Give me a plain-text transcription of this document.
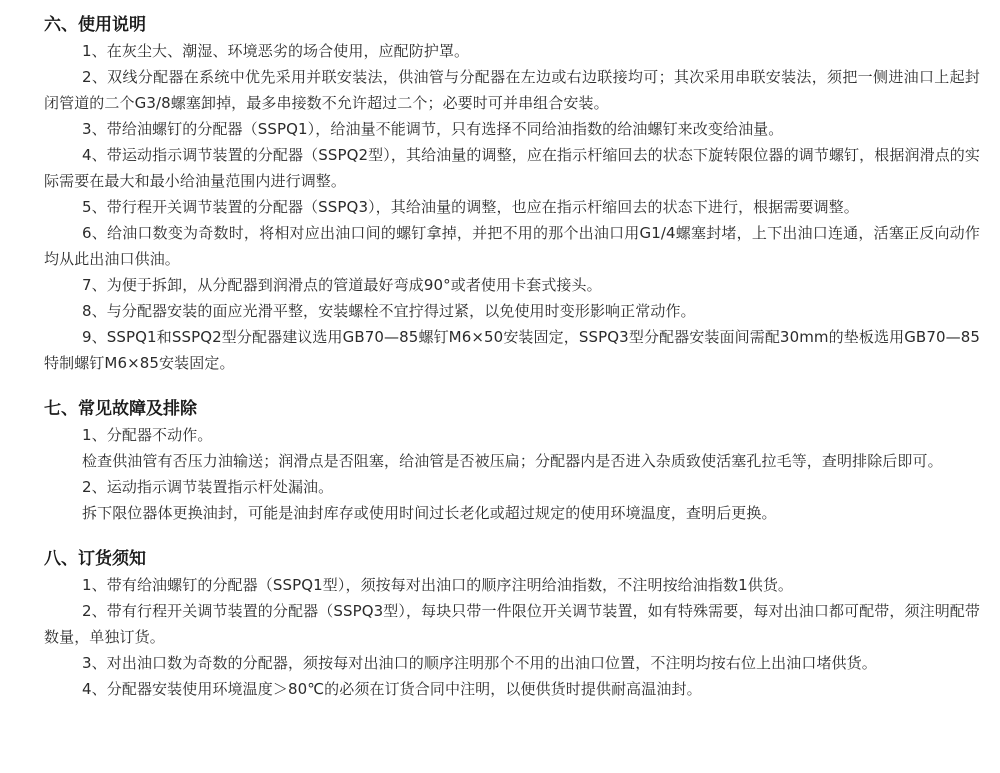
六、使用说明

1、在灰尘大、潮湿、环境恶劣的场合使用，应配防护罩。

2、双线分配器在系统中优先采用并联安装法，供油管与分配器在左边或右边联接均可；其次采用串联安装法，须把一侧进油口上起封闭管道的二个G3/8螺塞卸掉，最多串接数不允许超过二个；必要时可并串组合安装。

3、带给油螺钉的分配器（SSPQ1），给油量不能调节，只有选择不同给油指数的给油螺钉来改变给油量。

4、带运动指示调节装置的分配器（SSPQ2型），其给油量的调整，应在指示杆缩回去的状态下旋转限位器的调节螺钉，根据润滑点的实际需要在最大和最小给油量范围内进行调整。

5、带行程开关调节装置的分配器（SSPQ3），其给油量的调整，也应在指示杆缩回去的状态下进行，根据需要调整。

6、给油口数变为奇数时，将相对应出油口间的螺钉拿掉，并把不用的那个出油口用G1/4螺塞封堵，上下出油口连通，活塞正反向动作均从此出油口供油。

7、为便于拆卸，从分配器到润滑点的管道最好弯成90°或者使用卡套式接头。

8、与分配器安装的面应光滑平整，安装螺栓不宜拧得过紧，以免使用时变形影响正常动作。

9、SSPQ1和SSPQ2型分配器建议选用GB70—85螺钉M6×50安装固定，SSPQ3型分配器安装面间需配30mm的垫板选用GB70—85特制螺钉M6×85安装固定。

七、常见故障及排除

1、分配器不动作。

检查供油管有否压力油输送；润滑点是否阻塞，给油管是否被压扁；分配器内是否进入杂质致使活塞孔拉毛等，查明排除后即可。

2、运动指示调节装置指示杆处漏油。

拆下限位器体更换油封，可能是油封库存或使用时间过长老化或超过规定的使用环境温度，查明后更换。

八、订货须知

1、带有给油螺钉的分配器（SSPQ1型），须按每对出油口的顺序注明给油指数，不注明按给油指数1供货。

2、带有行程开关调节装置的分配器（SSPQ3型），每块只带一件限位开关调节装置，如有特殊需要，每对出油口都可配带，须注明配带数量，单独订货。

3、对出油口数为奇数的分配器，须按每对出油口的顺序注明那个不用的出油口位置，不注明均按右位上出油口堵供货。

4、分配器安装使用环境温度＞80℃的必须在订货合同中注明，以便供货时提供耐高温油封。
